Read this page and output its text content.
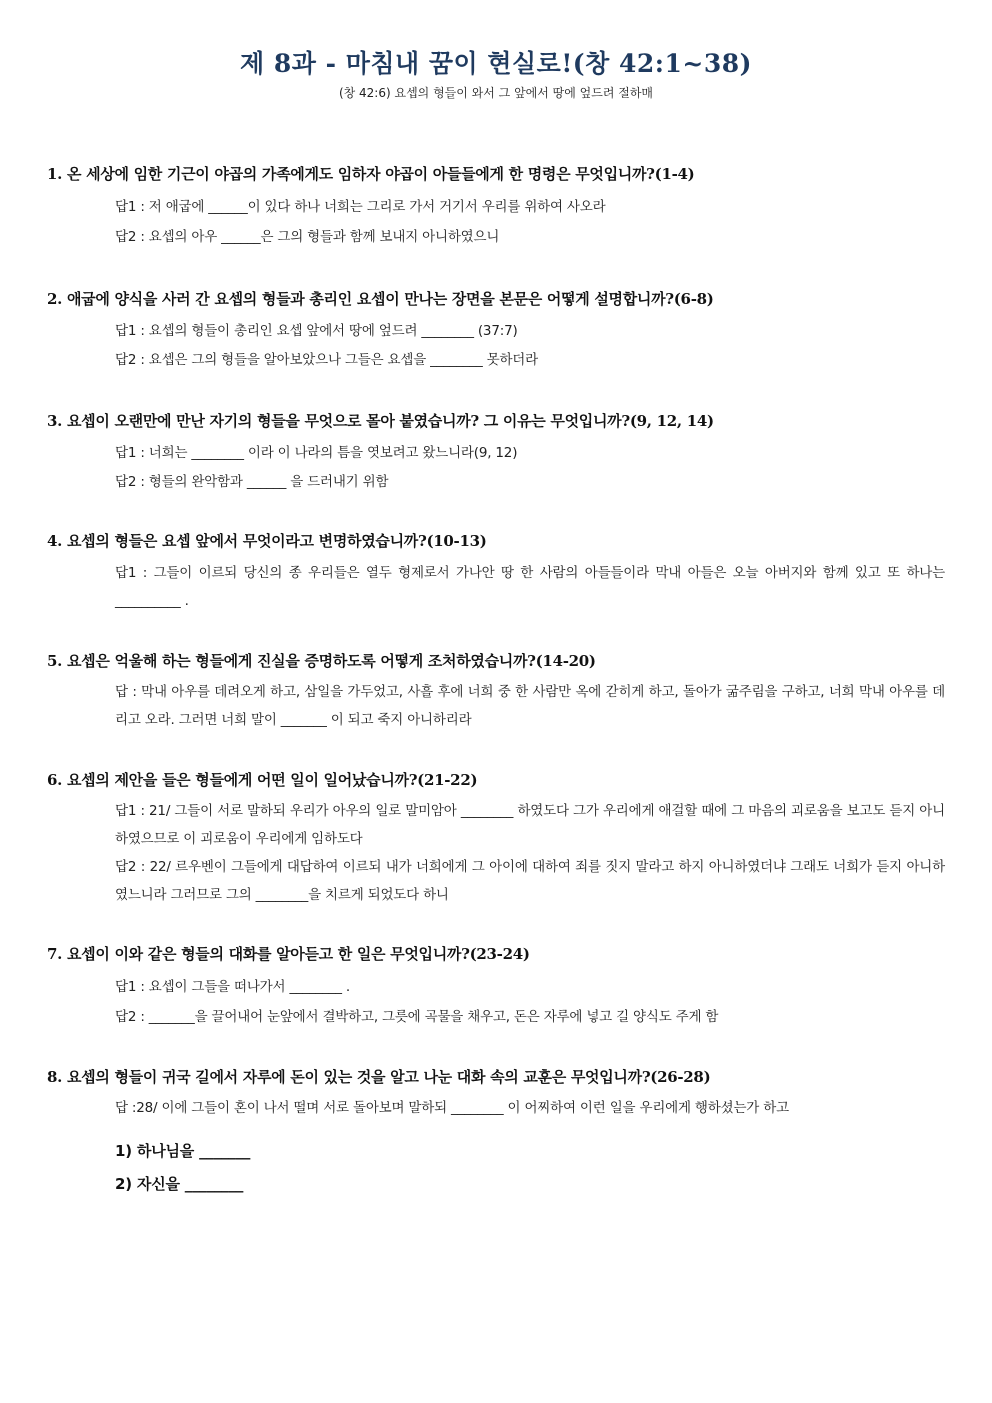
제 8과 - 마침내 꿈이 현실로!(창 42:1~38)
(창 42:6) 요셉의 형들이 와서 그 앞에서 땅에 엎드려 절하매
1. 온 세상에 임한 기근이 야곱의 가족에게도 임하자 야곱이 아들들에게 한 명령은 무엇입니까?(1-4)
답1 : 저 애굽에 ______이 있다 하나 너희는 그리로 가서 거기서 우리를 위하여 사오라
답2 : 요셉의 아우 ______은 그의 형들과 함께 보내지 아니하였으니
2. 애굽에 양식을 사러 간 요셉의 형들과 총리인 요셉이 만나는 장면을 본문은 어떻게 설명합니까?(6-8)
답1 : 요셉의 형들이 총리인 요셉 앞에서 땅에 엎드려 ________ (37:7)
답2 : 요셉은 그의 형들을 알아보았으나 그들은 요셉을 ________ 못하더라
3. 요셉이 오랜만에 만난 자기의 형들을 무엇으로 몰아 붙였습니까? 그 이유는 무엇입니까?(9, 12, 14)
답1 : 너희는 ________ 이라 이 나라의 틈을 엿보려고 왔느니라(9, 12)
답2 : 형들의 완악함과 ______ 을 드러내기 위함
4. 요셉의 형들은 요셉 앞에서 무엇이라고 변명하였습니까?(10-13)
답1 : 그들이 이르되 당신의 종 우리들은 열두 형제로서 가나안 땅 한 사람의 아들들이라 막내 아들은 오늘 아버지와 함께 있고 또 하나는 __________ .
5. 요셉은 억울해 하는 형들에게 진실을 증명하도록 어떻게 조처하였습니까?(14-20)
답 : 막내 아우를 데려오게 하고, 삼일을 가두었고, 사흘 후에 너희 중 한 사람만 옥에 갇히게 하고, 돌아가 굶주림을 구하고, 너희 막내 아우를 데리고 오라. 그러면 너희 말이 _______ 이 되고 죽지 아니하리라
6. 요셉의 제안을 들은 형들에게 어떤 일이 일어났습니까?(21-22)
답1 : 21/ 그들이 서로 말하되 우리가 아우의 일로 말미암아 ________ 하였도다 그가 우리에게 애걸할 때에 그 마음의 괴로움을 보고도 듣지 아니하였으므로 이 괴로움이 우리에게 임하도다
답2 : 22/ 르우벤이 그들에게 대답하여 이르되 내가 너희에게 그 아이에 대하여 죄를 짓지 말라고 하지 아니하였더냐 그래도 너희가 듣지 아니하였느니라 그러므로 그의 ________을 치르게 되었도다 하니
7. 요셉이 이와 같은 형들의 대화를 알아듣고 한 일은 무엇입니까?(23-24)
답1 : 요셉이 그들을 떠나가서 ________ .
답2 : _______을 끌어내어 눈앞에서 결박하고, 그릇에 곡물을 채우고, 돈은 자루에 넣고 길 양식도 주게 함
8. 요셉의 형들이 귀국 길에서 자루에 돈이 있는 것을 알고 나눈 대화 속의 교훈은 무엇입니까?(26-28)
답 :28/ 이에 그들이 혼이 나서 떨며 서로 돌아보며 말하되 ________ 이 어찌하여 이런 일을 우리에게 행하셨는가 하고
1) 하나님을 _______
2) 자신을 ________
